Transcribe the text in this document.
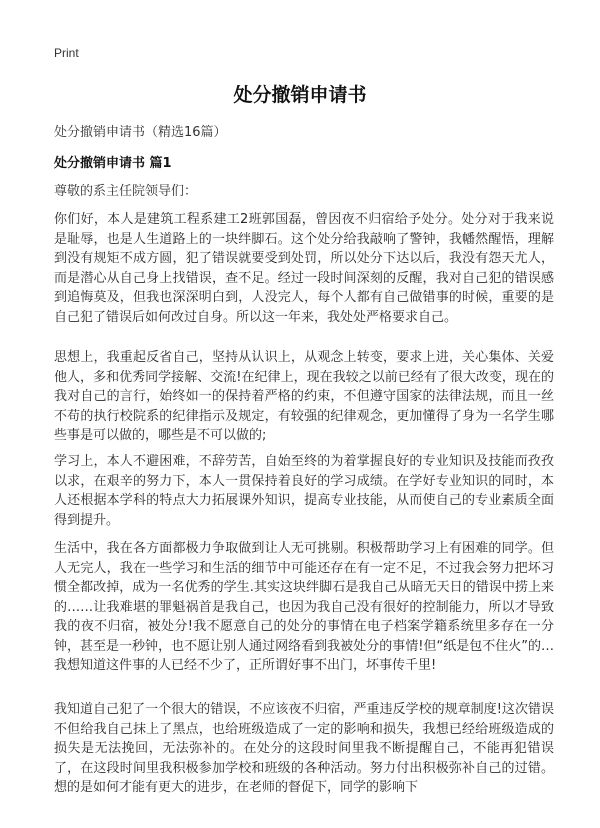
Print
处分撤销申请书
处分撤销申请书（精选16篇）
处分撤销申请书 篇1
尊敬的系主任院领导们：

你们好，本人是建筑工程系建工2班郭国磊，曾因夜不归宿给予处分。处分对于我来说是耻辱，也是人生道路上的一块绊脚石。这个处分给我敲响了警钟，我幡然醒悟，理解到没有规矩不成方圆，犯了错误就要受到处罚，所以处分下达以后，我没有怨天尤人，而是潜心从自己身上找错误，查不足。经过一段时间深刻的反醒，我对自己犯的错误感到追悔莫及，但我也深深明白到，人没完人，每个人都有自己做错事的时候，重要的是自己犯了错误后如何改过自身。所以这一年来，我处处严格要求自己。

思想上，我重起反省自己，坚持从认识上，从观念上转变，要求上进，关心集体、关爱他人，多和优秀同学接解、交流!在纪律上，现在我较之以前已经有了很大改变，现在的我对自己的言行，始终如一的保持着严格的约束，不但遵守国家的法律法规，而且一丝不苟的执行校院系的纪律指示及规定，有较强的纪律观念，更加懂得了身为一名学生哪些事是可以做的，哪些是不可以做的;

学习上，本人不避困难，不辞劳苦，自始至终的为着掌握良好的专业知识及技能而孜孜以求，在艰辛的努力下，本人一贯保持着良好的学习成绩。在学好专业知识的同时，本人还根据本学科的特点大力拓展课外知识，提高专业技能，从而使自己的专业素质全面得到提升。

生活中，我在各方面都极力争取做到让人无可挑剔。积极帮助学习上有困难的同学。但人无完人，我在一些学习和生活的细节中可能还存在有一定不足，不过我会努力把坏习惯全都改掉，成为一名优秀的学生.其实这块绊脚石是我自己从暗无天日的错误中捞上来的……让我难堪的罪魁祸首是我自己，也因为我自己没有很好的控制能力，所以才导致我的夜不归宿，被处分!我不愿意自己的处分的事情在电子档案学籍系统里多存在一分钟，甚至是一秒钟，也不愿让别人通过网络看到我被处分的事情!但“纸是包不住火”的…我想知道这件事的人已经不少了，正所谓好事不出门，坏事传千里!

我知道自己犯了一个很大的错误，不应该夜不归宿，严重违反学校的规章制度!这次错误不但给我自己抹上了黑点，也给班级造成了一定的影响和损失，我想已经给班级造成的损失是无法挽回，无法弥补的。在处分的这段时间里我不断提醒自己，不能再犯错误了，在这段时间里我积极参加学校和班级的各种活动。努力付出积极弥补自己的过错。想的是如何才能有更大的进步，在老师的督促下，同学的影响下
